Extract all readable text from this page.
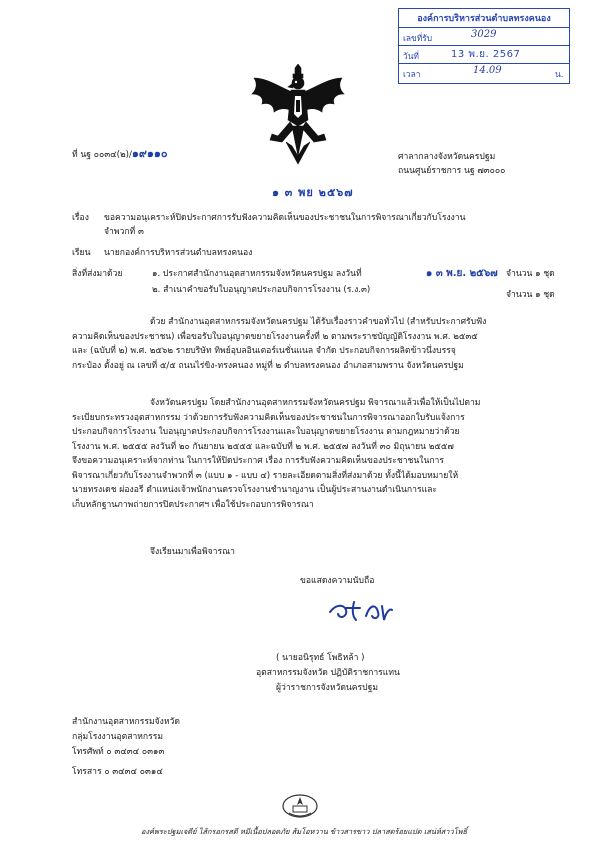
องค์การบริหารส่วนตำบลทรงคนอง
เลขที่รับ	3029
วันที่	13 พ.ย. 2567
เวลา	14.09	น.
ที่ นฐ ๐๐๓๔(๒)/๑๙๑๑๐	ศาลากลางจังหวัดนครปฐม
ถนนศูนย์ราชการ นฐ ๗๓๐๐๐
๑ ๓ พย ๒๕๖๗
เรื่อง ขอความอนุเคราะห์ปิดประกาศการรับฟังความคิดเห็นของประชาชนในการพิจารณาเกี่ยวกับโรงงาน
จำพวกที่ ๓
เรียน นายกองค์การบริหารส่วนตำบลทรงคนอง
สิ่งที่ส่งมาด้วย	๑. ประกาศสำนักงานอุตสาหกรรมจังหวัดนครปฐม ลงวันที่	๑ ๓ พ.ย. ๒๕๖๗ จำนวน ๑ ชุด
๒. สำเนาคำขอรับใบอนุญาตประกอบกิจการโรงงาน (ร.ง.๓)	จำนวน ๑ ชุด
ด้วย สำนักงานอุตสาหกรรมจังหวัดนครปฐม ได้รับเรื่องราวคำขอทั่วไป (สำหรับประกาศรับฟัง
ความคิดเห็นของประชาชน) เพื่อขอรับใบอนุญาตขยายโรงงานครั้งที่ ๒ ตามพระราชบัญญัติโรงงาน พ.ศ. ๒๕๓๕
และ (ฉบับที่ ๒) พ.ศ. ๒๕๖๒ รายบริษัท ทิพย์อุบลอินเตอร์เนชั่นแนล จำกัด ประกอบกิจการผลิตข้าวนึ่งบรรจุ
กระป๋อง ตั้งอยู่ ณ เลขที่ ๕/๕ ถนนไร่ขิง-ทรงคนอง หมู่ที่ ๒ ตำบลทรงคนอง อำเภอสามพราน จังหวัดนครปฐม
จังหวัดนครปฐม โดยสำนักงานอุตสาหกรรมจังหวัดนครปฐม พิจารณาแล้วเพื่อให้เป็นไปตาม
ระเบียบกระทรวงอุตสาหกรรม ว่าด้วยการรับฟังความคิดเห็นของประชาชนในการพิจารณาออกใบรับแจ้งการ
ประกอบกิจการโรงงาน ใบอนุญาตประกอบกิจการโรงงานและใบอนุญาตขยายโรงงาน ตามกฎหมายว่าด้วย
โรงงาน พ.ศ. ๒๕๕๕ ลงวันที่ ๒๐ กันยายน ๒๕๕๕ และฉบับที่ ๒ พ.ศ. ๒๕๕๗ ลงวันที่ ๓๐ มิถุนายน ๒๕๕๗
จึงขอความอนุเคราะห์จากท่าน ในการให้ปิดประกาศ เรื่อง การรับฟังความคิดเห็นของประชาชนในการ
พิจารณาเกี่ยวกับโรงงานจำพวกที่ ๓ (แบบ ๑ - แบบ ๔) รายละเอียดตามสิ่งที่ส่งมาด้วย ทั้งนี้ได้มอบหมายให้
นายทรงเดช ผ่องอรี ตำแหน่งเจ้าพนักงานตรวจโรงงานชำนาญงาน เป็นผู้ประสานงานดำเนินการและ
เก็บหลักฐานภาพถ่ายการปิดประกาศฯ เพื่อใช้ประกอบการพิจารณา
จึงเรียนมาเพื่อพิจารณา
ขอแสดงความนับถือ
( นายอนิรุทธ์ โพธิหล้า )
อุตสาหกรรมจังหวัด ปฏิบัติราชการแทน
ผู้ว่าราชการจังหวัดนครปฐม
สำนักงานอุตสาหกรรมจังหวัด
กลุ่มโรงงานอุตสาหกรรม
โทรศัพท์ ๐ ๓๔๓๔ ๐๓๑๓
โทรสาร ๐ ๓๔๓๔ ๐๓๑๔
องค์พระปฐมเจดีย์ ไส้กรอกรสดี หมีเนื้อปลอดภัย ส้มโอหวาน ข้าวสารขาว ปลาสดร้อยแปด เสน่ห์สาวโพธิ์
